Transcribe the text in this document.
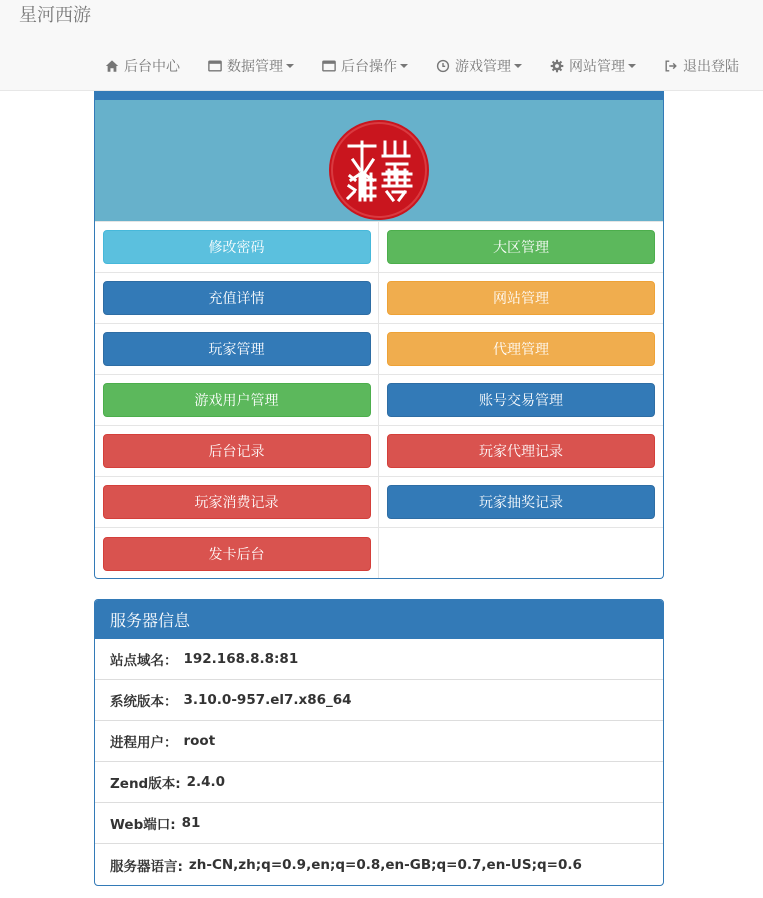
星河西游
后台中心	数据管理	后台操作	游戏管理	网站管理	退出登陆
修改密码	大区管理
充值详情	网站管理
玩家管理	代理管理
游戏用户管理	账号交易管理
后台记录	玩家代理记录
玩家消费记录	玩家抽奖记录
发卡后台
服务器信息
站点域名： 192.168.8.8:81
系统版本： 3.10.0-957.el7.x86_64
进程用户： root
Zend版本: 2.4.0
Web端口: 81
服务器语言: zh-CN,zh;q=0.9,en;q=0.8,en-GB;q=0.7,en-US;q=0.6
